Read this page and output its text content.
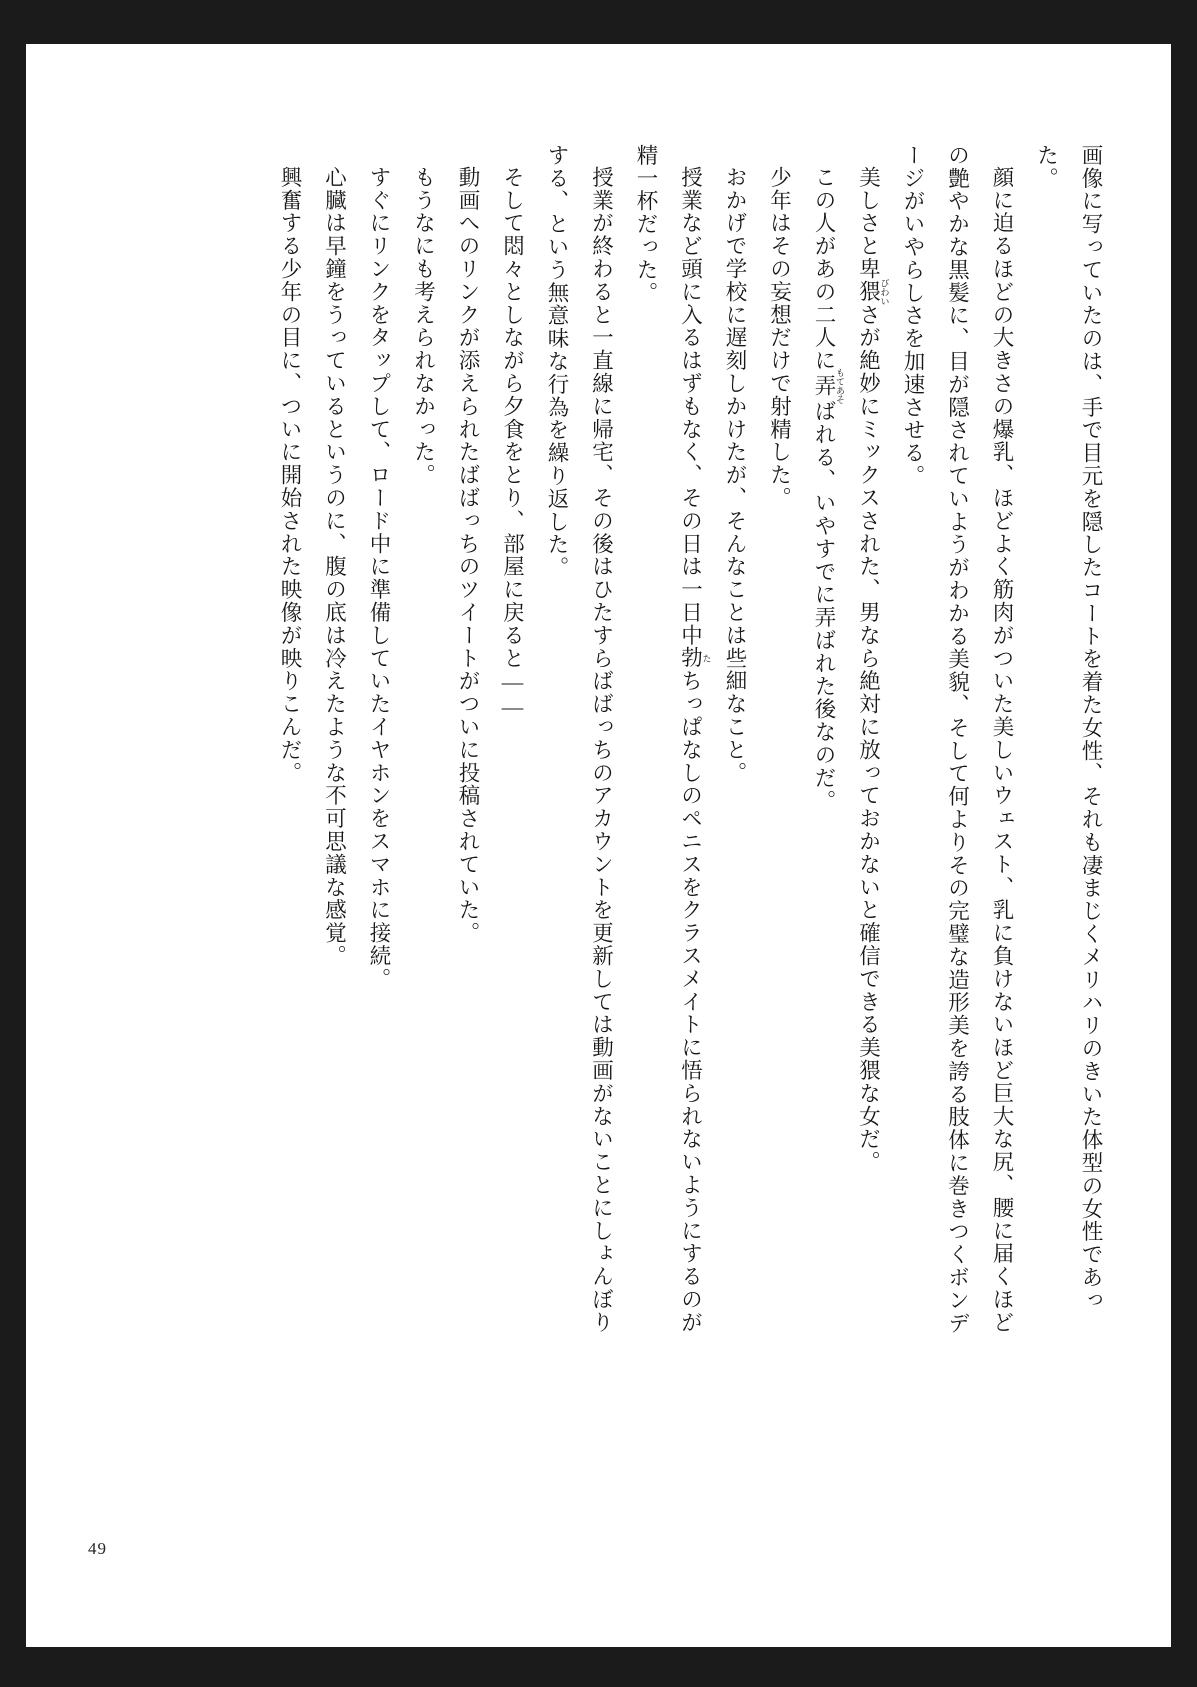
画像に写っていたのは、手で目元を隠したコートを着た女性、それも凄まじくメリハリのきいた体型の女性であった。

顔に迫るほどの大きさの爆乳、ほどよく筋肉がついた美しいウェスト、乳に負けないほど巨大な尻、腰に届くほどの艶やかな黒髪に、目が隠されていようがわかる美貌、そして何よりその完璧な造形美を誇る肢体に巻きつくボンデージがいやらしさを加速させる。

美しさと卑猥 びわいさが絶妙にミックスされた、男なら絶対に放っておかないと確信できる美猥な女だ。

この人があの二人に弄 もてあそばれる、いやすでに弄ばれた後なのだ。

少年はその妄想だけで射精した。

おかげで学校に遅刻しかけたが、そんなことは些細なこと。

授業など頭に入るはずもなく、その日は一日中勃 たちっぱなしのペニスをクラスメイトに悟られないようにするのが精一杯だった。

授業が終わると一直線に帰宅、その後はひたすらばばっちのアカウントを更新しては動画がないことにしょんぼりする、という無意味な行為を繰り返した。

そして悶々としながら夕食をとり、部屋に戻ると——

動画へのリンクが添えられたばばっちのツイートがついに投稿されていた。

もうなにも考えられなかった。

すぐにリンクをタップして、ロード中に準備していたイヤホンをスマホに接続。

心臓は早鐘をうっているというのに、腹の底は冷えたような不可思議な感覚。

興奮する少年の目に、ついに開始された映像が映りこんだ。

49
